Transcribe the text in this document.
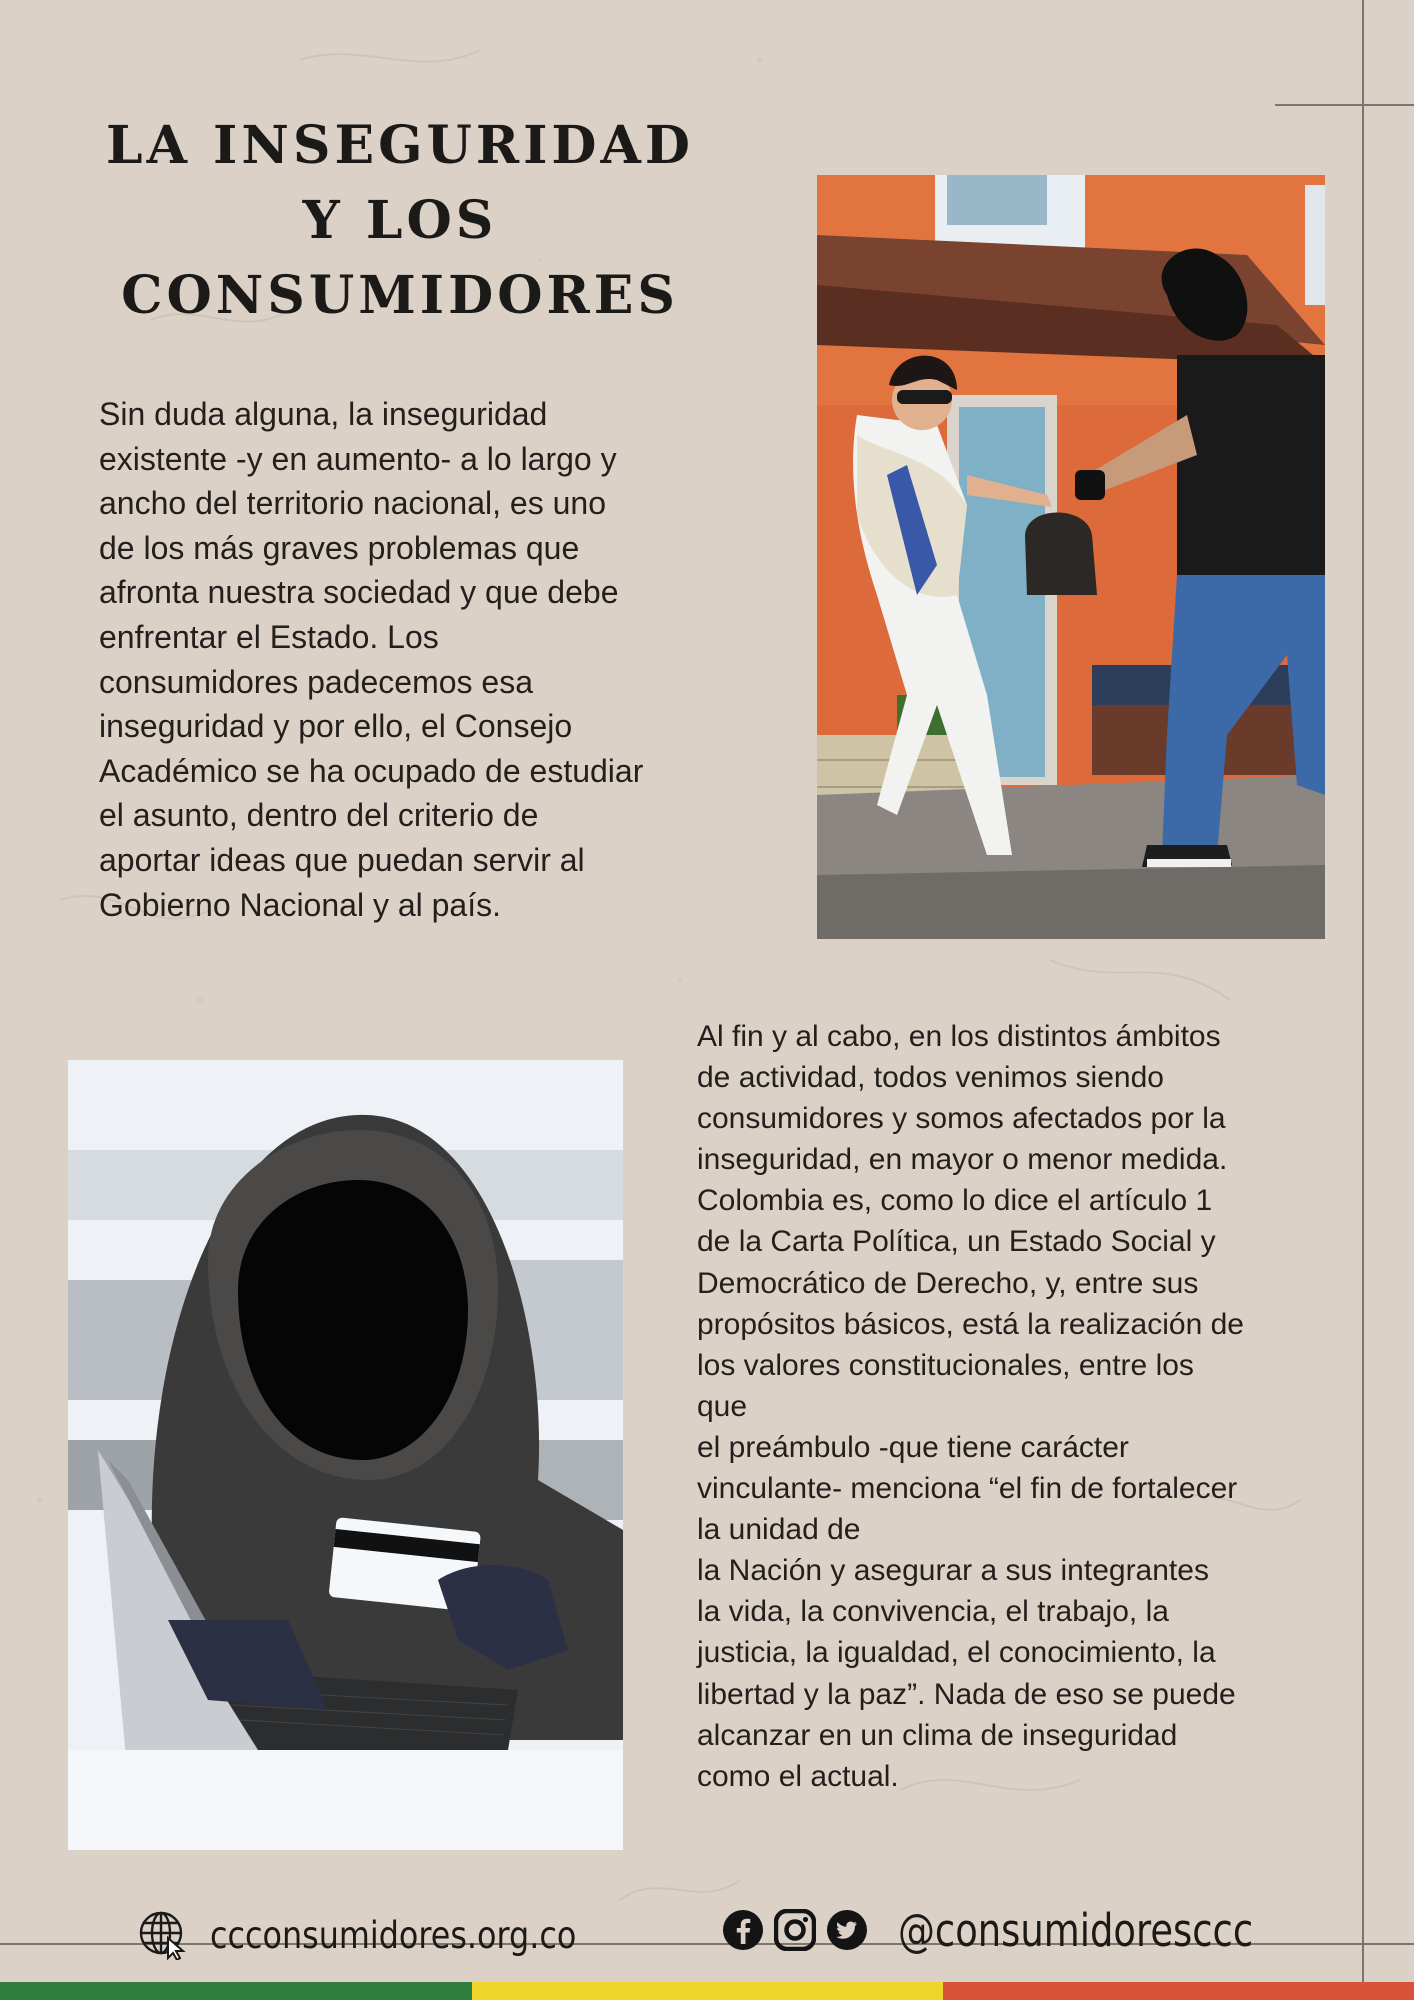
LA INSEGURIDAD
Y LOS
CONSUMIDORES
Sin duda alguna, la inseguridad
existente -y en aumento- a lo largo y
ancho del territorio nacional, es uno
de los más graves problemas que
afronta nuestra sociedad y que debe
enfrentar el Estado. Los
consumidores padecemos esa
inseguridad y por ello, el Consejo
Académico se ha ocupado de estudiar
el asunto, dentro del criterio de
aportar ideas que puedan servir al
Gobierno Nacional y al país.
Al fin y al cabo, en los distintos ámbitos
de actividad, todos venimos siendo
consumidores y somos afectados por la
inseguridad, en mayor o menor medida.
Colombia es, como lo dice el artículo 1
de la Carta Política, un Estado Social y
Democrático de Derecho, y, entre sus
propósitos básicos, está la realización de
los valores constitucionales, entre los
que
el preámbulo -que tiene carácter
vinculante- menciona “el fin de fortalecer
la unidad de
la Nación y asegurar a sus integrantes
la vida, la convivencia, el trabajo, la
justicia, la igualdad, el conocimiento, la
libertad y la paz”. Nada de eso se puede
alcanzar en un clima de inseguridad
como el actual.
ccconsumidores.org.co	@consumidoresccc
